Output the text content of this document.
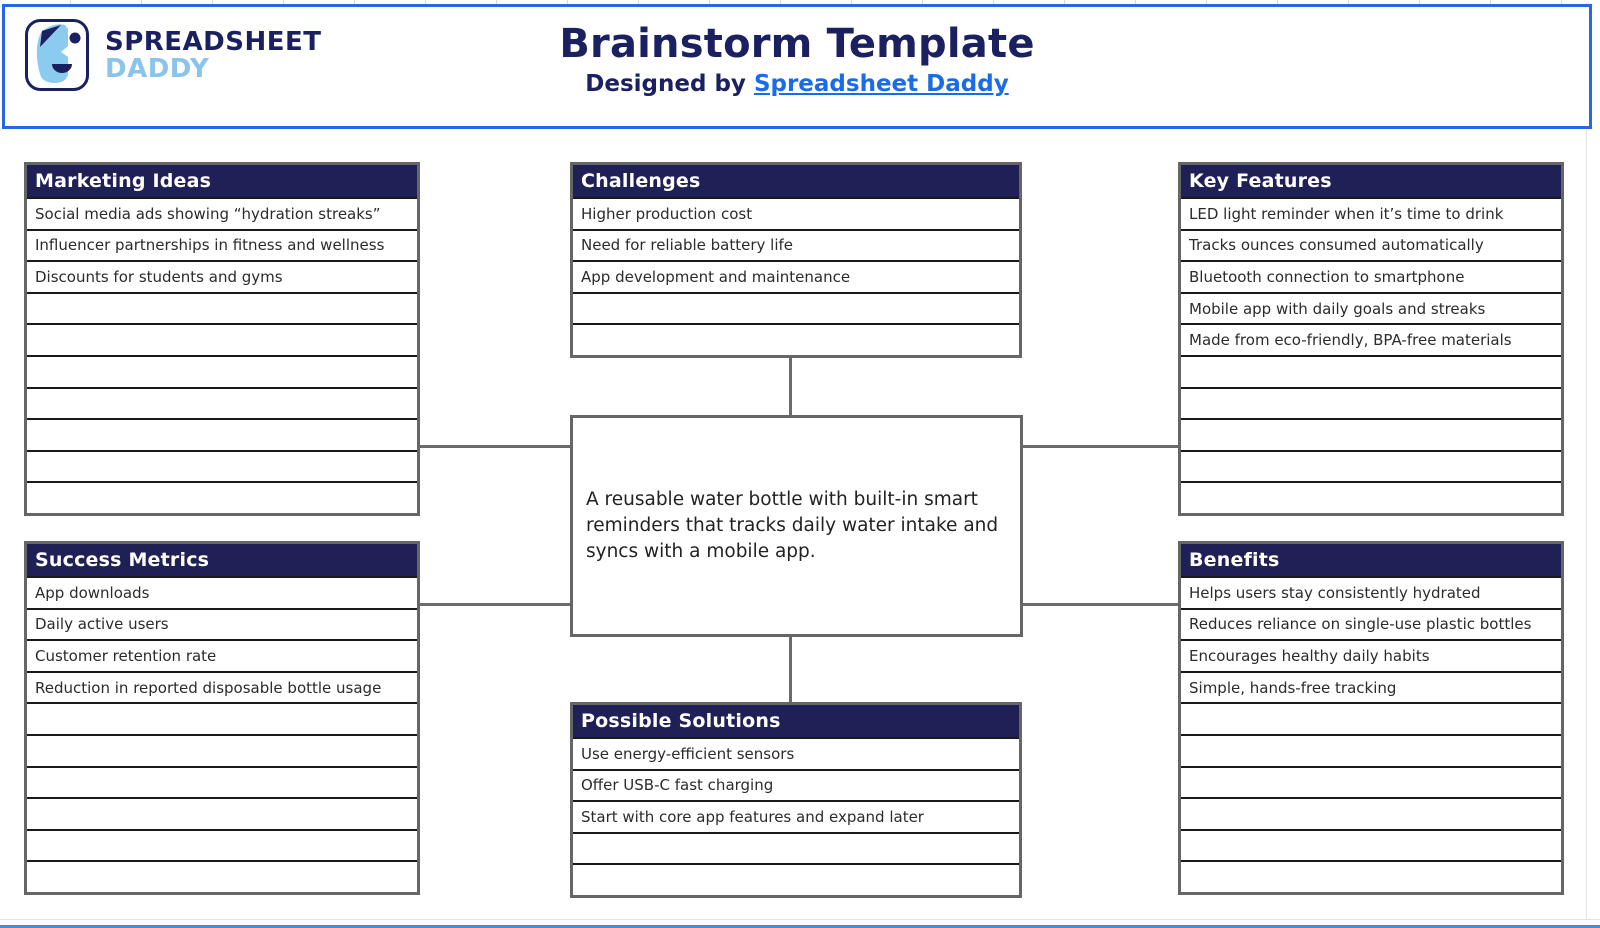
SPREADSHEET
DADDY
Brainstorm Template
Designed by Spreadsheet Daddy
Marketing Ideas
Social media ads showing “hydration streaks”
Influencer partnerships in fitness and wellness
Discounts for students and gyms
Challenges
Higher production cost
Need for reliable battery life
App development and maintenance
Key Features
LED light reminder when it’s time to drink
Tracks ounces consumed automatically
Bluetooth connection to smartphone
Mobile app with daily goals and streaks
Made from eco-friendly, BPA-free materials
Success Metrics
App downloads
Daily active users
Customer retention rate
Reduction in reported disposable bottle usage
Benefits
Helps users stay consistently hydrated
Reduces reliance on single-use plastic bottles
Encourages healthy daily habits
Simple, hands-free tracking
Possible Solutions
Use energy-efficient sensors
Offer USB-C fast charging
Start with core app features and expand later
A reusable water bottle with built-in smart reminders that tracks daily water intake and syncs with a mobile app.
